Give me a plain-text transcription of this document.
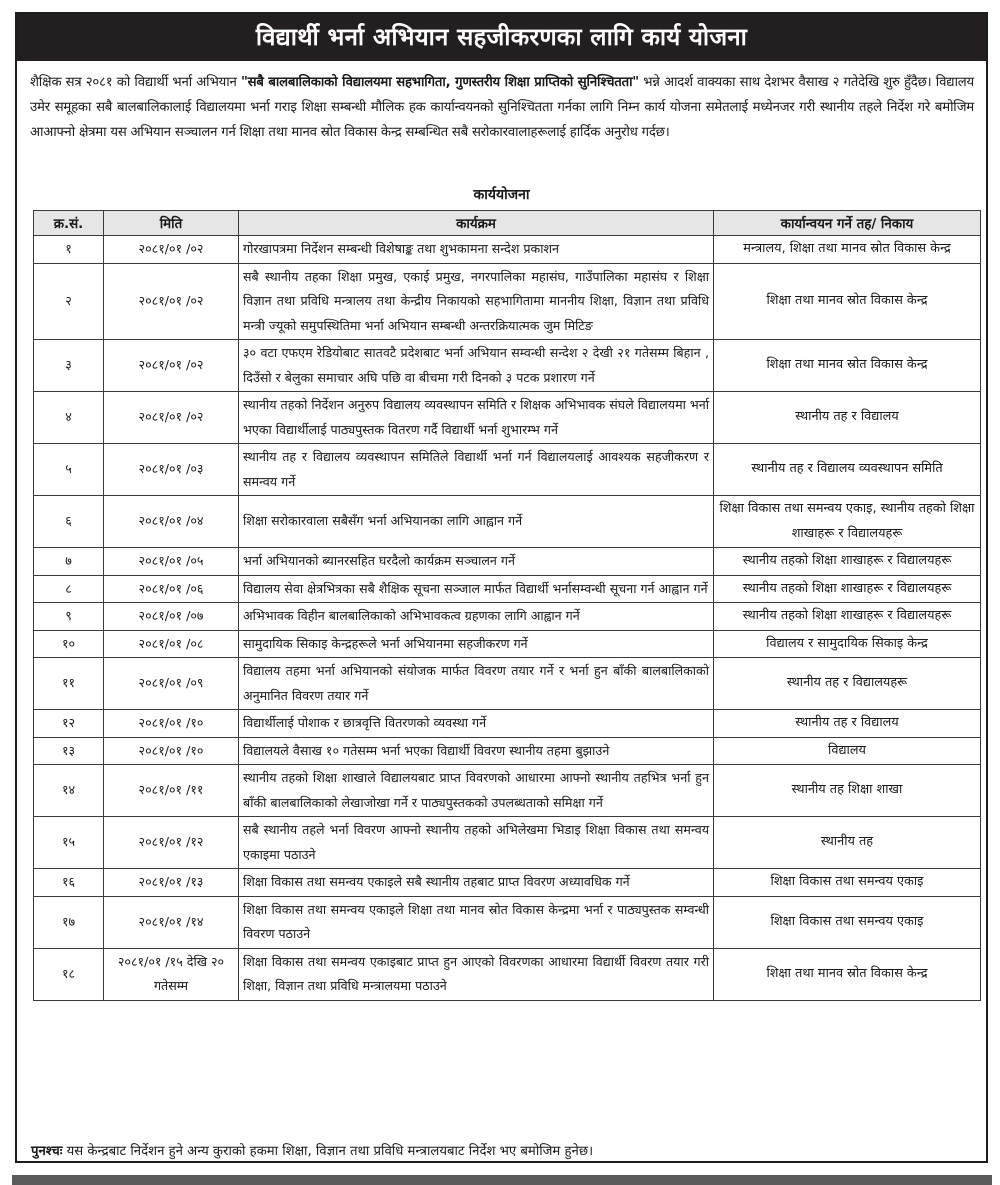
विद्यार्थी भर्ना अभियान सहजीकरणका लागि कार्य योजना
शैक्षिक सत्र २०८१ को विद्यार्थी भर्ना अभियान "सबै बालबालिकाको विद्यालयमा सहभागिता, गुणस्तरीय शिक्षा प्राप्तिको सुनिश्चितता" भन्ने आदर्श वाक्यका साथ देशभर वैसाख २ गतेदेखि शुरु हुँदैछ। विद्यालय उमेर समूहका सबै बालबालिकालाई विद्यालयमा भर्ना गराइ शिक्षा सम्बन्धी मौलिक हक कार्यान्वयनको सुनिश्चितता गर्नका लागि निम्न कार्य योजना समेतलाई मध्येनजर गरी स्थानीय तहले निर्देश गरे बमोजिम आआफ्नो क्षेत्रमा यस अभियान सञ्चालन गर्न शिक्षा तथा मानव स्रोत विकास केन्द्र सम्बन्धित सबै सरोकारवालाहरूलाई हार्दिक अनुरोध गर्दछ।
कार्ययोजना
क्र.सं.	मिति	कार्यक्रम	कार्यान्वयन गर्ने तह/ निकाय
१	२०८१/०१ /०२	गोरखापत्रमा निर्देशन सम्बन्धी विशेषाङ्क तथा शुभकामना सन्देश प्रकाशन	मन्त्रालय, शिक्षा तथा मानव स्रोत विकास केन्द्र
२	२०८१/०१ /०२	सबै स्थानीय तहका शिक्षा प्रमुख, एकाई प्रमुख, नगरपालिका महासंघ, गाउँपालिका महासंघ र शिक्षा विज्ञान तथा प्रविधि मन्त्रालय तथा केन्द्रीय निकायको सहभागितामा माननीय शिक्षा, विज्ञान तथा प्रविधि मन्त्री ज्यूको समुपस्थितिमा भर्ना अभियान सम्बन्धी अन्तरक्रियात्मक जुम मिटिङ	शिक्षा तथा मानव स्रोत विकास केन्द्र
३	२०८१/०१ /०२	३० वटा एफएम रेडियोबाट सातवटै प्रदेशबाट भर्ना अभियान सम्वन्धी सन्देश २ देखी २१ गतेसम्म बिहान , दिउँसो र बेलुका समाचार अघि पछि वा बीचमा गरी दिनको ३ पटक प्रशारण गर्ने	शिक्षा तथा मानव स्रोत विकास केन्द्र
४	२०८१/०१ /०२	स्थानीय तहको निर्देशन अनुरुप विद्यालय व्यवस्थापन समिति र शिक्षक अभिभावक संघले विद्यालयमा भर्ना भएका विद्यार्थीलाई पाठ्यपुस्तक वितरण गर्दै विद्यार्थी भर्ना शुभारम्भ गर्ने	स्थानीय तह र विद्यालय
५	२०८१/०१ /०३	स्थानीय तह र विद्यालय व्यवस्थापन समितिले विद्यार्थी भर्ना गर्न विद्यालयलाई आवश्यक सहजीकरण र समन्वय गर्ने	स्थानीय तह र विद्यालय व्यवस्थापन समिति
६	२०८१/०१ /०४	शिक्षा सरोकारवाला सबैसँग भर्ना अभियानका लागि आह्वान गर्ने	शिक्षा विकास तथा समन्वय एकाइ, स्थानीय तहको शिक्षा शाखाहरू र विद्यालयहरू
७	२०८१/०१ /०५	भर्ना अभियानको ब्यानरसहित घरदैलो कार्यक्रम सञ्चालन गर्ने	स्थानीय तहको शिक्षा शाखाहरू र विद्यालयहरू
८	२०८१/०१ /०६	विद्यालय सेवा क्षेत्रभित्रका सबै शैक्षिक सूचना सञ्जाल मार्फत विद्यार्थी भर्नासम्वन्धी सूचना गर्न आह्वान गर्ने	स्थानीय तहको शिक्षा शाखाहरू र विद्यालयहरू
९	२०८१/०१ /०७	अभिभावक विहीन बालबालिकाको अभिभावकत्व ग्रहणका लागि आह्वान गर्ने	स्थानीय तहको शिक्षा शाखाहरू र विद्यालयहरू
१०	२०८१/०१ /०८	सामुदायिक सिकाइ केन्द्रहरूले भर्ना अभियानमा सहजीकरण गर्ने	विद्यालय र सामुदायिक सिकाइ केन्द्र
११	२०८१/०१ /०९	विद्यालय तहमा भर्ना अभियानको संयोजक मार्फत विवरण तयार गर्ने र भर्ना हुन बाँकी बालबालिकाको अनुमानित विवरण तयार गर्ने	स्थानीय तह र विद्यालयहरू
१२	२०८१/०१ /१०	विद्यार्थीलाई पोशाक र छात्रवृत्ति वितरणको व्यवस्था गर्ने	स्थानीय तह र विद्यालय
१३	२०८१/०१ /१०	विद्यालयले वैसाख १० गतेसम्म भर्ना भएका विद्यार्थी विवरण स्थानीय तहमा बुझाउने	विद्यालय
१४	२०८१/०१ /११	स्थानीय तहको शिक्षा शाखाले विद्यालयबाट प्राप्त विवरणको आधारमा आफ्नो स्थानीय तहभित्र भर्ना हुन बाँकी बालबालिकाको लेखाजोखा गर्ने र पाठ्यपुस्तकको उपलब्धताको समिक्षा गर्ने	स्थानीय तह शिक्षा शाखा
१५	२०८१/०१ /१२	सबै स्थानीय तहले भर्ना विवरण आफ्नो स्थानीय तहको अभिलेखमा भिडाइ शिक्षा विकास तथा समन्वय एकाइमा पठाउने	स्थानीय तह
१६	२०८१/०१ /१३	शिक्षा विकास तथा समन्वय एकाइले सबै स्थानीय तहबाट प्राप्त विवरण अध्यावधिक गर्ने	शिक्षा विकास तथा समन्वय एकाइ
१७	२०८१/०१ /१४	शिक्षा विकास तथा समन्वय एकाइले शिक्षा तथा मानव स्रोत विकास केन्द्रमा भर्ना र पाठ्यपुस्तक सम्वन्धी विवरण पठाउने	शिक्षा विकास तथा समन्वय एकाइ
१८	२०८१/०१ /१५ देखि २० गतेसम्म	शिक्षा विकास तथा समन्वय एकाइबाट प्राप्त हुन आएको विवरणका आधारमा विद्यार्थी विवरण तयार गरी शिक्षा, विज्ञान तथा प्रविधि मन्त्रालयमा पठाउने	शिक्षा तथा मानव स्रोत विकास केन्द्र
पुनश्चः यस केन्द्रबाट निर्देशन हुने अन्य कुराको हकमा शिक्षा, विज्ञान तथा प्रविधि मन्त्रालयबाट निर्देश भए बमोजिम हुनेछ।
